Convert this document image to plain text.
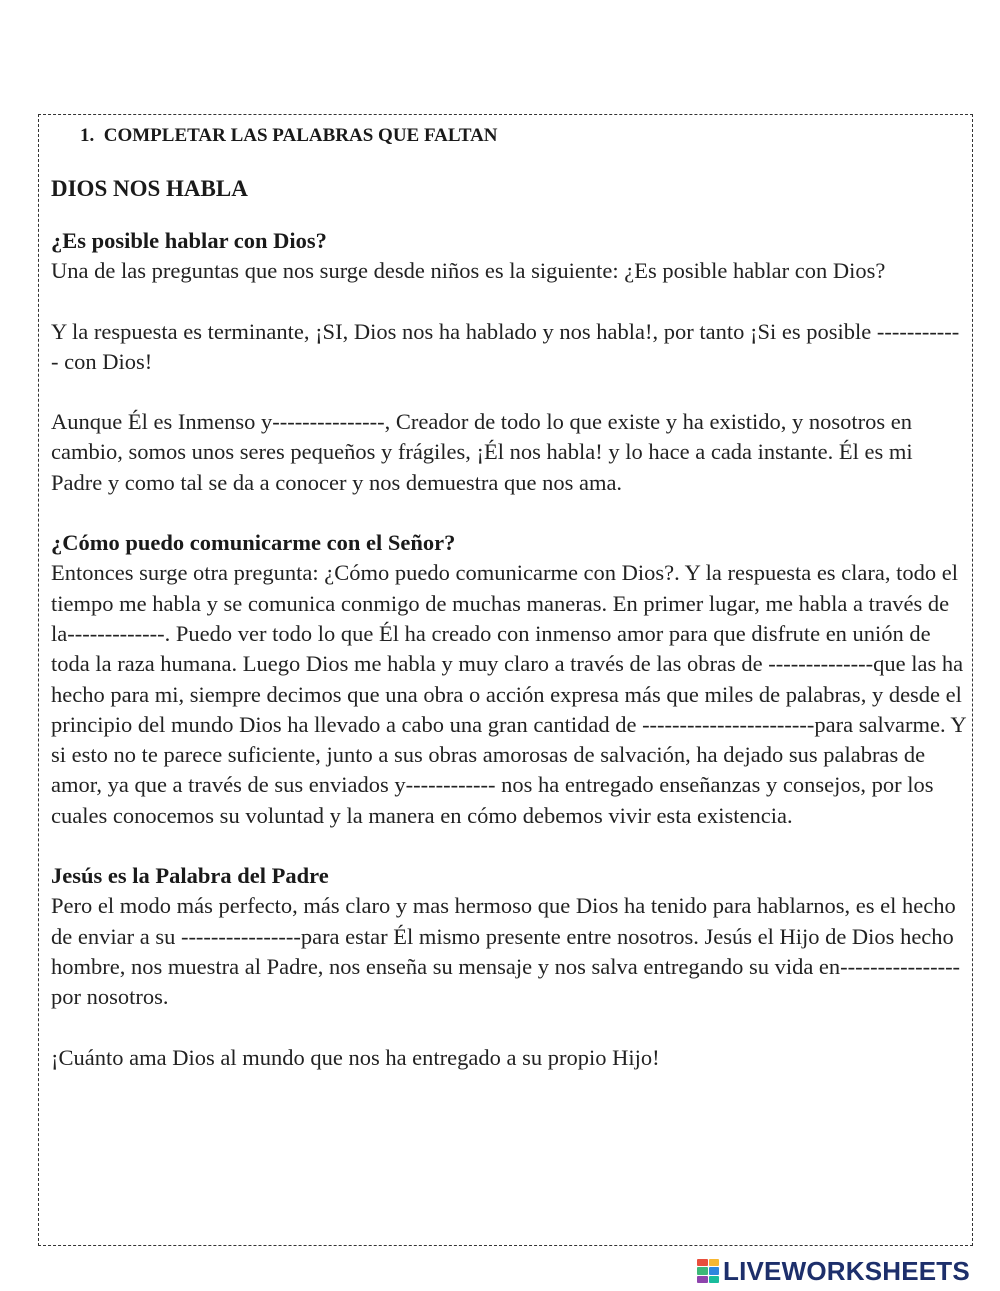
1. COMPLETAR LAS PALABRAS QUE FALTAN
DIOS NOS HABLA
¿Es posible hablar con Dios?

Una de las preguntas que nos surge desde niños es la siguiente: ¿Es posible hablar con Dios?

Y la respuesta es terminante, ¡SI, Dios nos ha hablado y nos habla!, por tanto ¡Si es posible ------------ con Dios!

Aunque Él es Inmenso y---------------, Creador de todo lo que existe y ha existido, y nosotros en cambio, somos unos seres pequeños y frágiles, ¡Él nos habla! y lo hace a cada instante. Él es mi Padre y como tal se da a conocer y nos demuestra que nos ama.

¿Cómo puedo comunicarme con el Señor?

Entonces surge otra pregunta: ¿Cómo puedo comunicarme con Dios?. Y la respuesta es clara, todo el tiempo me habla y se comunica conmigo de muchas maneras. En primer lugar, me habla a través de la-------------. Puedo ver todo lo que Él ha creado con inmenso amor para que disfrute en unión de toda la raza humana. Luego Dios me habla y muy claro a través de las obras de --------------que las ha hecho para mi, siempre decimos que una obra o acción expresa más que miles de palabras, y desde el principio del mundo Dios ha llevado a cabo una gran cantidad de -----------------------para salvarme. Y si esto no te parece suficiente, junto a sus obras amorosas de salvación, ha dejado sus palabras de amor, ya que a través de sus enviados y------------ nos ha entregado enseñanzas y consejos, por los cuales conocemos su voluntad y la manera en cómo debemos vivir esta existencia.

Jesús es la Palabra del Padre

Pero el modo más perfecto, más claro y mas hermoso que Dios ha tenido para hablarnos, es el hecho de enviar a su ----------------para estar Él mismo presente entre nosotros. Jesús el Hijo de Dios hecho hombre, nos muestra al Padre, nos enseña su mensaje y nos salva entregando su vida en---------------- por nosotros.

¡Cuánto ama Dios al mundo que nos ha entregado a su propio Hijo!

LIVEWORKSHEETS
